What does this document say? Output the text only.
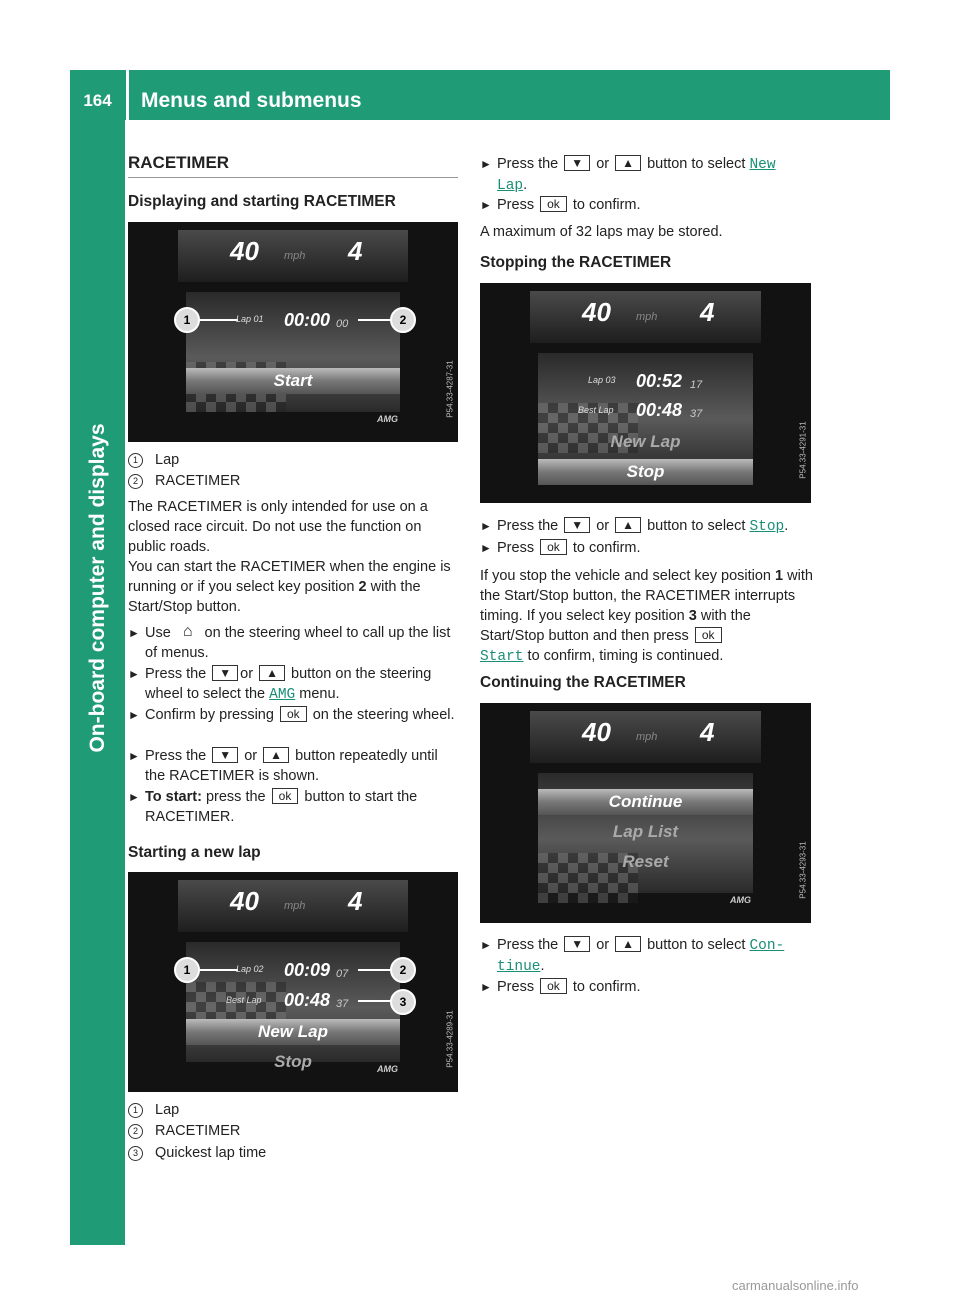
164	Menus and submenus
On-board computer and displays
RACETIMER
Displaying and starting RACETIMER
40 mph 4
1	Lap 01 00:00 00	2
Start
AMG
P54.33-4287-31
1 Lap
2 RACETIMER
The RACETIMER is only intended for use on a closed race circuit. Do not use the function on public roads.
You can start the RACETIMER when the engine is running or if you select key position 2 with the Start/Stop button.
► Use ⌂ on the steering wheel to call up the list of menus.
► Press the ▼ or ▲ button on the steering wheel to select the AMG menu.
► Confirm by pressing ok on the steering wheel.
► Press the ▼ or ▲ button repeatedly until the RACETIMER is shown.
► To start: press the ok button to start the RACETIMER.
Starting a new lap
40 mph 4
1	Lap 02 00:09 07	2
Best Lap 00:48 37	3
New Lap
Stop	AMG
P54.33-4289-31
1 Lap
2 RACETIMER
3 Quickest lap time
► Press the ▼ or ▲ button to select New
Lap.
► Press ok to confirm.
A maximum of 32 laps may be stored.
Stopping the RACETIMER
40 mph 4
Lap 03 00:52 17
Best Lap 00:48 37
New Lap
Stop	P54.33-4291-31
► Press the ▼ or ▲ button to select Stop.
► Press ok to confirm.
If you stop the vehicle and select key position 1 with the Start/Stop button, the RACETIMER interrupts timing. If you select key position 3 with the Start/Stop button and then press ok
Start to confirm, timing is continued.
Continuing the RACETIMER
40 mph 4
Continue
Lap List
Reset
AMG
P54.33-4293-31
► Press the ▼ or ▲ button to select Con-
tinue.
► Press ok to confirm.
carmanualsonline.info
